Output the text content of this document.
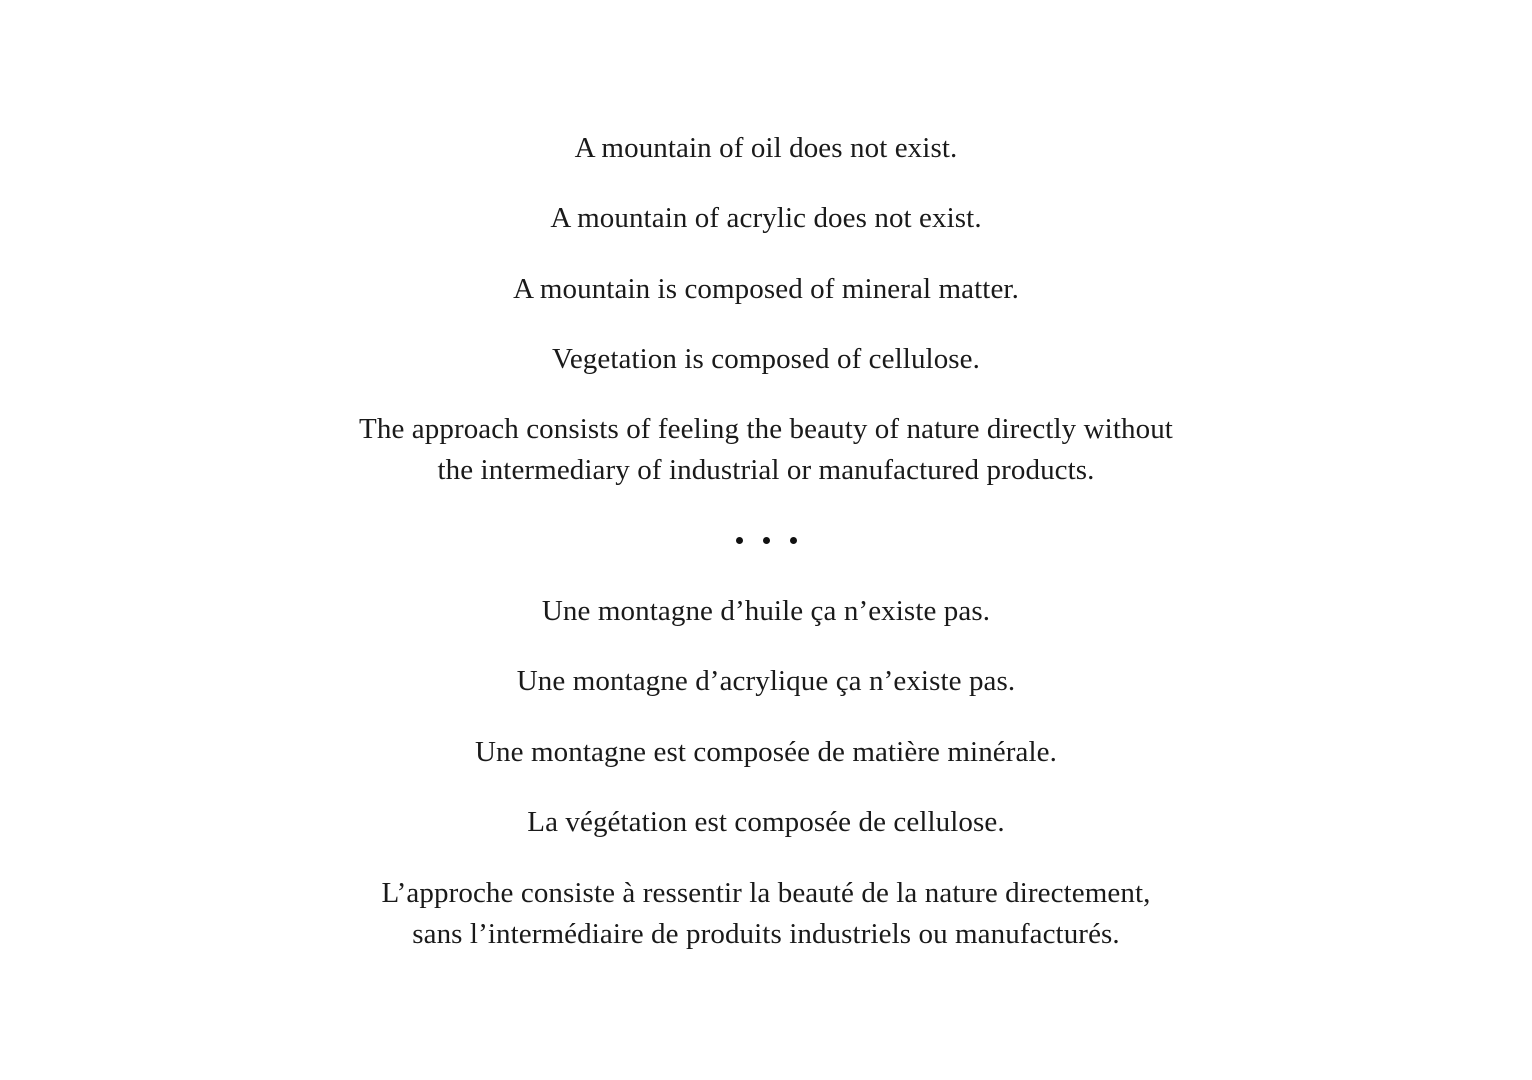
A mountain of oil does not exist.
A mountain of acrylic does not exist.
A mountain is composed of mineral matter.
Vegetation is composed of cellulose.
The approach consists of feeling the beauty of nature directly without
the intermediary of industrial or manufactured products.
Une montagne d’huile ça n’existe pas.
Une montagne d’acrylique ça n’existe pas.
Une montagne est composée de matière minérale.
La végétation est composée de cellulose.
L’approche consiste à ressentir la beauté de la nature directement,
sans l’intermédiaire de produits industriels ou manufacturés.
